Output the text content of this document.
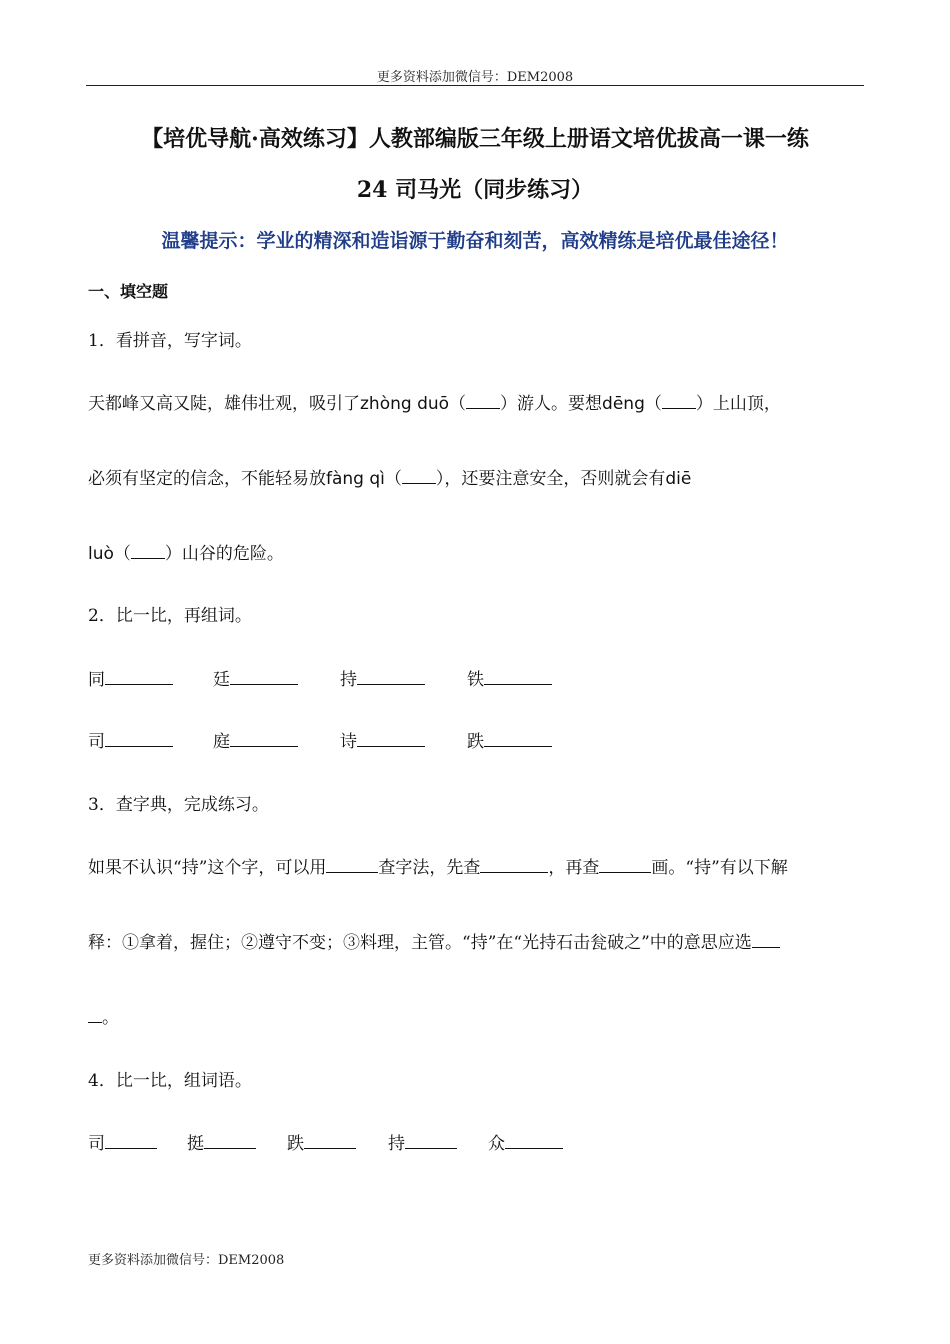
更多资料添加微信号：DEM2008
【培优导航·高效练习】人教部编版三年级上册语文培优拔高一课一练
24 司马光（同步练习）
温馨提示：学业的精深和造诣源于勤奋和刻苦，高效精练是培优最佳途径！
一、填空题
1．看拼音，写字词。
天都峰又高又陡，雄伟壮观，吸引了zhòng duō（ ）游人。要想dēng（ ）上山顶，
必须有坚定的信念，不能轻易放fàng qì（ ），还要注意安全，否则就会有diē
luò（ ）山谷的危险。
2．比一比，再组词。
同	廷	持	铁
司	庭	诗	跌
3．查字典，完成练习。
如果不认识“持”这个字，可以用	查字法，先查	，再查	画。“持”有以下解
释：①拿着，握住；②遵守不变；③料理，主管。“持”在“光持石击瓮破之”中的意思应选
。
4．比一比，组词语。
司	挺	跌	持	众
更多资料添加微信号：DEM2008
